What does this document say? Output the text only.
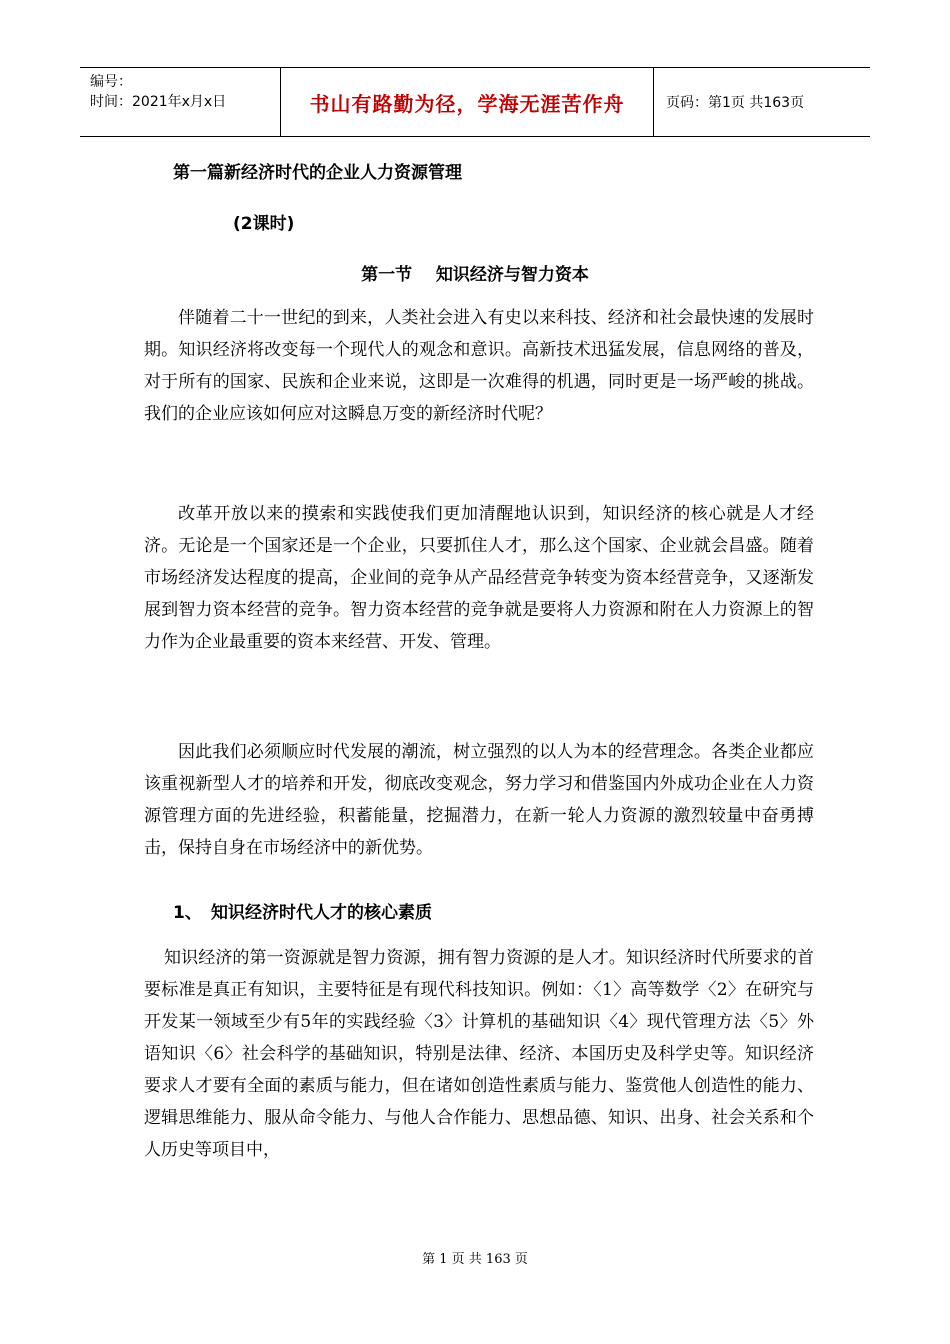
编号：
时间：2021年x月x日	书山有路勤为径，学海无涯苦作舟	页码：第1页 共163页
第一篇新经济时代的企业人力资源管理
(2课时)
第一节    知识经济与智力资本

伴随着二十一世纪的到来，人类社会进入有史以来科技、经济和社会最快速的发展时期。知识经济将改变每一个现代人的观念和意识。高新技术迅猛发展，信息网络的普及，对于所有的国家、民族和企业来说，这即是一次难得的机遇，同时更是一场严峻的挑战。我们的企业应该如何应对这瞬息万变的新经济时代呢？

改革开放以来的摸索和实践使我们更加清醒地认识到，知识经济的核心就是人才经济。无论是一个国家还是一个企业，只要抓住人才，那么这个国家、企业就会昌盛。随着市场经济发达程度的提高，企业间的竞争从产品经营竞争转变为资本经营竞争，又逐渐发展到智力资本经营的竞争。智力资本经营的竞争就是要将人力资源和附在人力资源上的智力作为企业最重要的资本来经营、开发、管理。

因此我们必须顺应时代发展的潮流，树立强烈的以人为本的经营理念。各类企业都应该重视新型人才的培养和开发，彻底改变观念，努力学习和借鉴国内外成功企业在人力资源管理方面的先进经验，积蓄能量，挖掘潜力，在新一轮人力资源的激烈较量中奋勇搏击，保持自身在市场经济中的新优势。

1、 知识经济时代人才的核心素质

知识经济的第一资源就是智力资源，拥有智力资源的是人才。知识经济时代所要求的首要标准是真正有知识，主要特征是有现代科技知识。例如：〈1〉高等数学〈2〉在研究与开发某一领域至少有5年的实践经验〈3〉计算机的基础知识〈4〉现代管理方法〈5〉外语知识〈6〉社会科学的基础知识，特别是法律、经济、本国历史及科学史等。知识经济要求人才要有全面的素质与能力，但在诸如创造性素质与能力、鉴赏他人创造性的能力、逻辑思维能力、服从命令能力、与他人合作能力、思想品德、知识、出身、社会关系和个人历史等项目中，

第 1 页 共 163 页
